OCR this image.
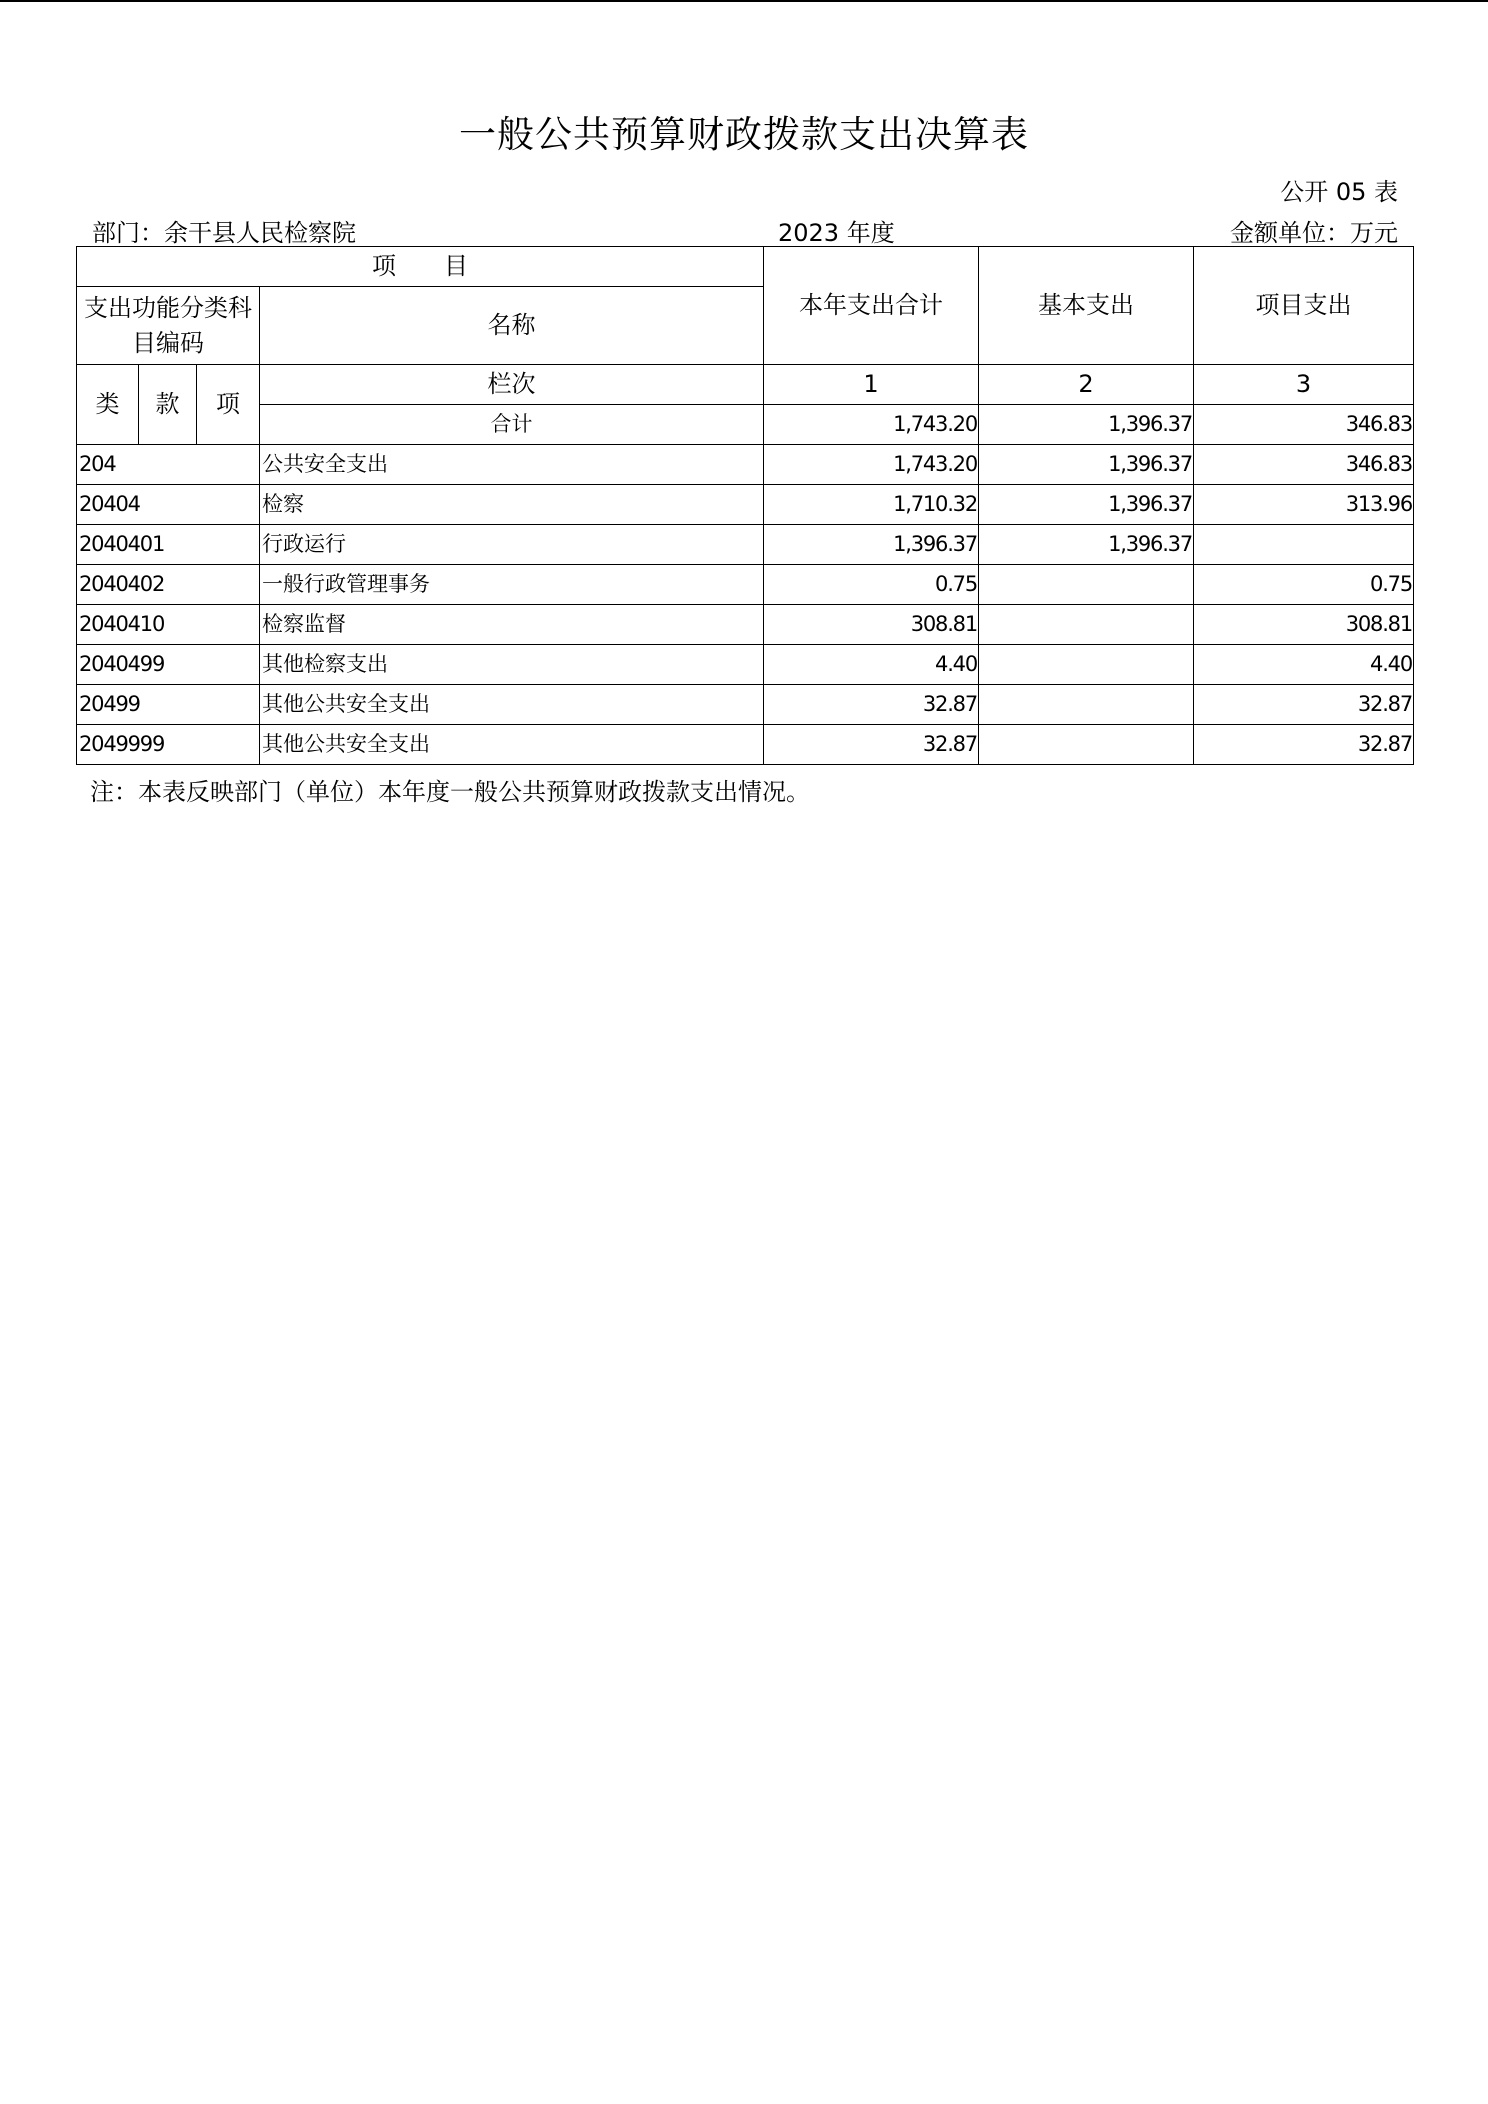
一般公共预算财政拨款支出决算表
公开 05 表
部门：余干县人民检察院	2023 年度	金额单位：万元
项　　目				本年支出合计	基本支出	项目支出
支出功能分类科目编码			名称			

类	款	项	栏次	1	2	3
			合计	1,743.20	1,396.37	346.83
204			公共安全支出	1,743.20	1,396.37	346.83
20404			检察	1,710.32	1,396.37	313.96
2040401			行政运行	1,396.37	1,396.37	
2040402			一般行政管理事务	0.75		0.75
2040410			检察监督	308.81		308.81
2040499			其他检察支出	4.40		4.40
20499			其他公共安全支出	32.87		32.87
2049999			其他公共安全支出	32.87		32.87
注：本表反映部门（单位）本年度一般公共预算财政拨款支出情况。
